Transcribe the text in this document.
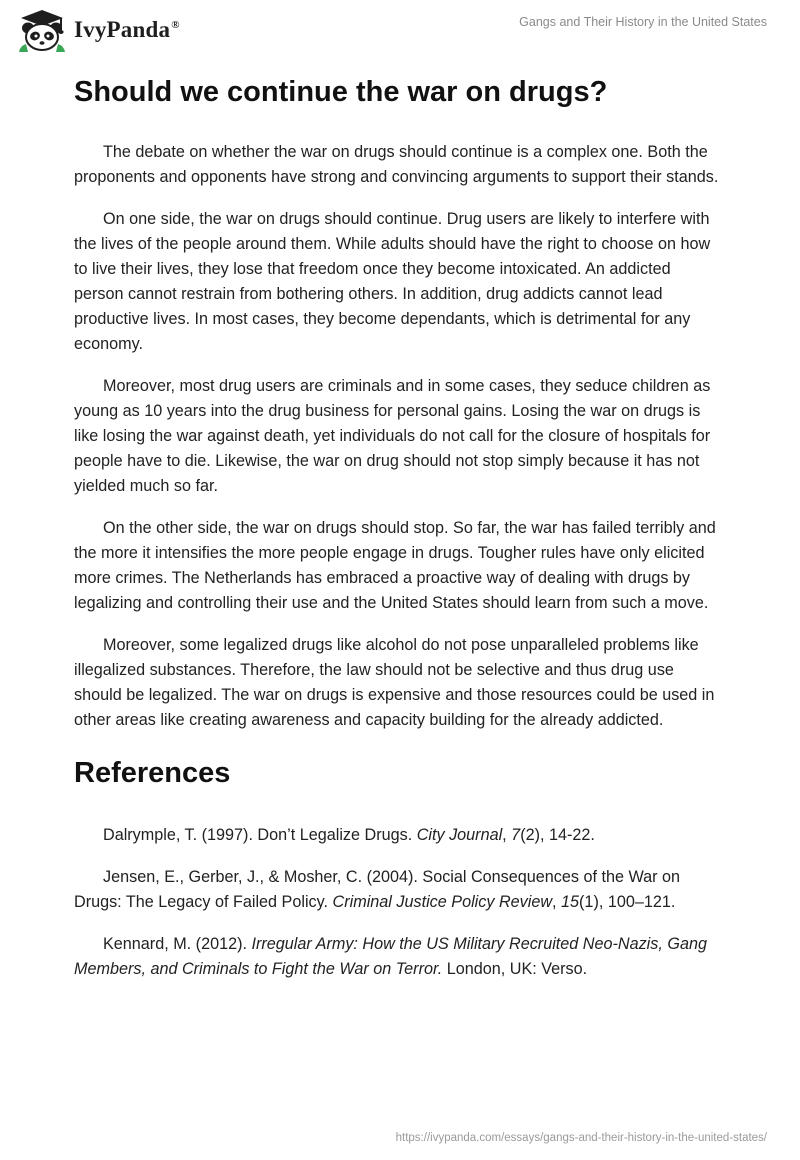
IvyPanda®	Gangs and Their History in the United States
Should we continue the war on drugs?

The debate on whether the war on drugs should continue is a complex one. Both the proponents and opponents have strong and convincing arguments to support their stands.

On one side, the war on drugs should continue. Drug users are likely to interfere with the lives of the people around them. While adults should have the right to choose on how to live their lives, they lose that freedom once they become intoxicated. An addicted person cannot restrain from bothering others. In addition, drug addicts cannot lead productive lives. In most cases, they become dependants, which is detrimental for any economy.

Moreover, most drug users are criminals and in some cases, they seduce children as young as 10 years into the drug business for personal gains. Losing the war on drugs is like losing the war against death, yet individuals do not call for the closure of hospitals for people have to die. Likewise, the war on drug should not stop simply because it has not yielded much so far.

On the other side, the war on drugs should stop. So far, the war has failed terribly and the more it intensifies the more people engage in drugs. Tougher rules have only elicited more crimes. The Netherlands has embraced a proactive way of dealing with drugs by legalizing and controlling their use and the United States should learn from such a move.

Moreover, some legalized drugs like alcohol do not pose unparalleled problems like illegalized substances. Therefore, the law should not be selective and thus drug use should be legalized. The war on drugs is expensive and those resources could be used in other areas like creating awareness and capacity building for the already addicted.

References

Dalrymple, T. (1997). Don’t Legalize Drugs. City Journal, 7(2), 14-22.

Jensen, E., Gerber, J., & Mosher, C. (2004). Social Consequences of the War on Drugs: The Legacy of Failed Policy. Criminal Justice Policy Review, 15(1), 100–121.

Kennard, M. (2012). Irregular Army: How the US Military Recruited Neo-Nazis, Gang Members, and Criminals to Fight the War on Terror. London, UK: Verso.

https://ivypanda.com/essays/gangs-and-their-history-in-the-united-states/
